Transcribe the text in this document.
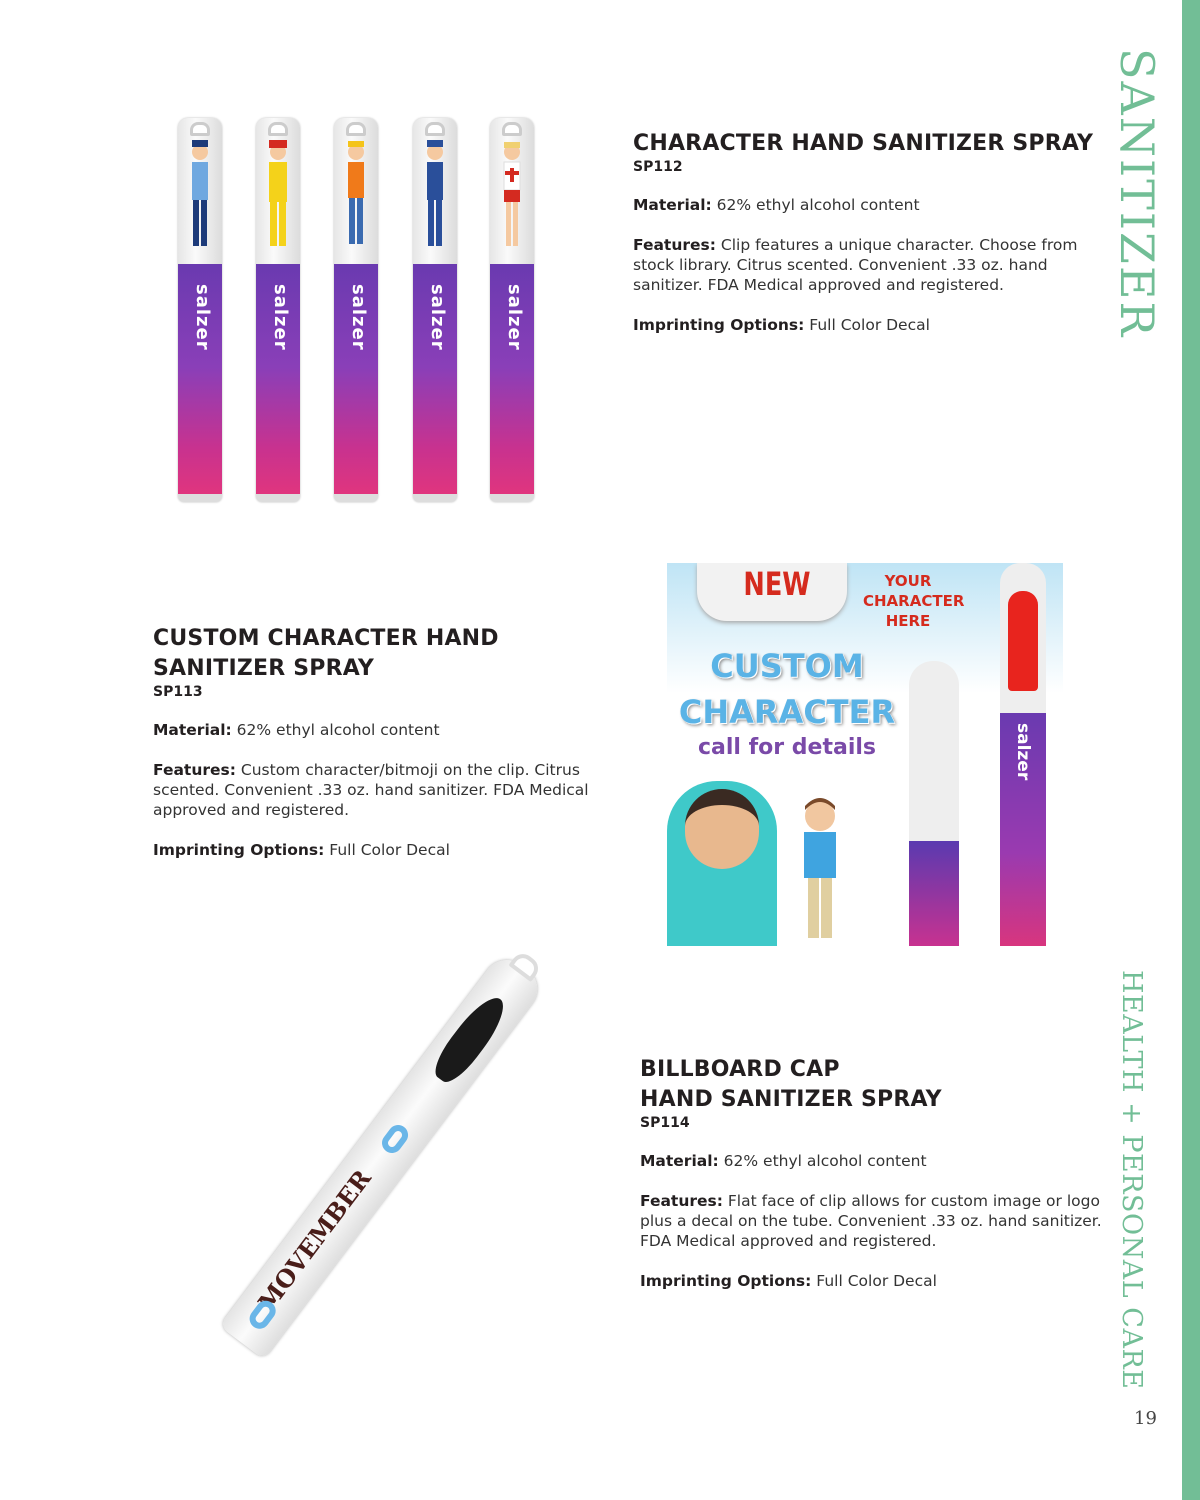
SANITIZER
HEALTH + PERSONAL CARE
19
salzer	salzer	salzer	salzer	salzer
CHARACTER HAND SANITIZER SPRAY
SP112
Material: 62% ethyl alcohol content
Features: Clip features a unique character. Choose from stock library. Citrus scented. Convenient .33 oz. hand sanitizer. FDA Medical approved and registered.
Imprinting Options: Full Color Decal
CUSTOM CHARACTER HAND
SANITIZER SPRAY
SP113
Material: 62% ethyl alcohol content
Features: Custom character/bitmoji on the clip. Citrus scented. Convenient .33 oz. hand sanitizer. FDA Medical approved and registered.
Imprinting Options: Full Color Decal
NEW	YOUR CHARACTER HERE
CUSTOM
CHARACTER
call for details	salzer
MOVEMBER
BILLBOARD CAP
HAND SANITIZER SPRAY
SP114
Material: 62% ethyl alcohol content
Features: Flat face of clip allows for custom image or logo plus a decal on the tube. Convenient .33 oz. hand sanitizer. FDA Medical approved and registered.
Imprinting Options: Full Color Decal
